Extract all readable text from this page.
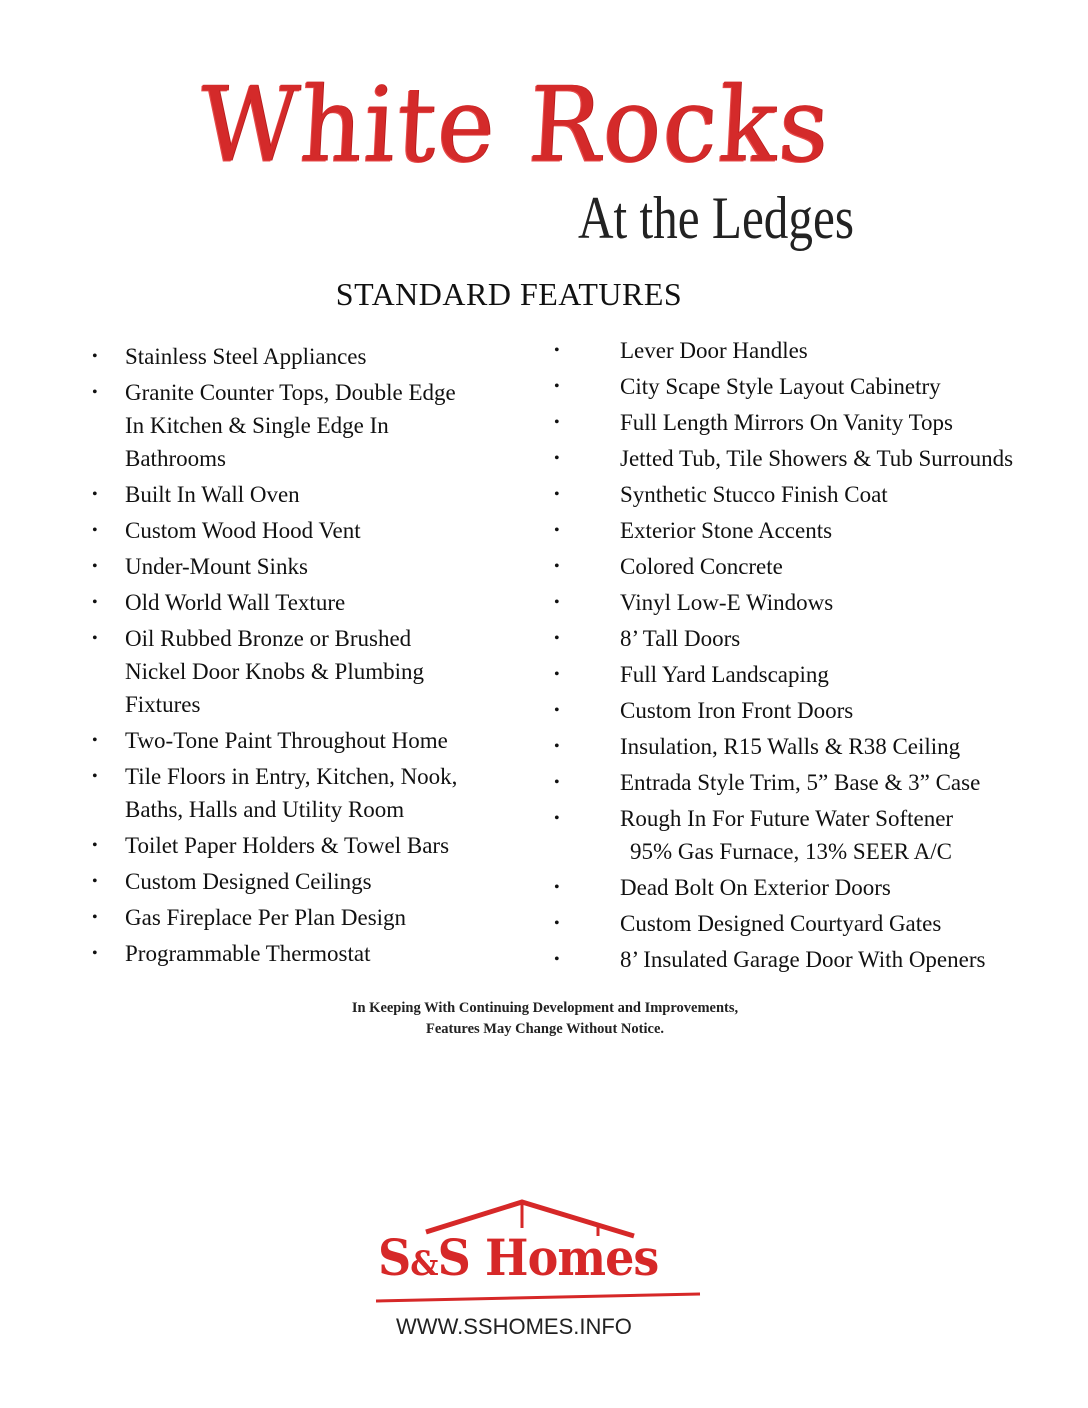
White Rocks
At the Ledges
STANDARD FEATURES
• Stainless Steel Appliances
• Granite Counter Tops, Double Edge
In Kitchen & Single Edge In
Bathrooms
• Built In Wall Oven
• Custom Wood Hood Vent
• Under-Mount Sinks
• Old World Wall Texture
• Oil Rubbed Bronze or Brushed
Nickel Door Knobs & Plumbing
Fixtures
• Two-Tone Paint Throughout Home
• Tile Floors in Entry, Kitchen, Nook,
Baths, Halls and Utility Room
• Toilet Paper Holders & Towel Bars
• Custom Designed Ceilings
• Gas Fireplace Per Plan Design
• Programmable Thermostat
•	Lever Door Handles
•	City Scape Style Layout Cabinetry
•	Full Length Mirrors On Vanity Tops
•	Jetted Tub, Tile Showers & Tub Surrounds
•	Synthetic Stucco Finish Coat
•	Exterior Stone Accents
•	Colored Concrete
•	Vinyl Low-E Windows
•	8’ Tall Doors
•	Full Yard Landscaping
•	Custom Iron Front Doors
•	Insulation, R15 Walls & R38 Ceiling
•	Entrada Style Trim, 5” Base & 3” Case
•	Rough In For Future Water Softener
95% Gas Furnace, 13% SEER A/C
•	Dead Bolt On Exterior Doors
•	Custom Designed Courtyard Gates
•	8’ Insulated Garage Door With Openers
In Keeping With Continuing Development and Improvements,
Features May Change Without Notice.
S&S Homes
WWW.SSHOMES.INFO
